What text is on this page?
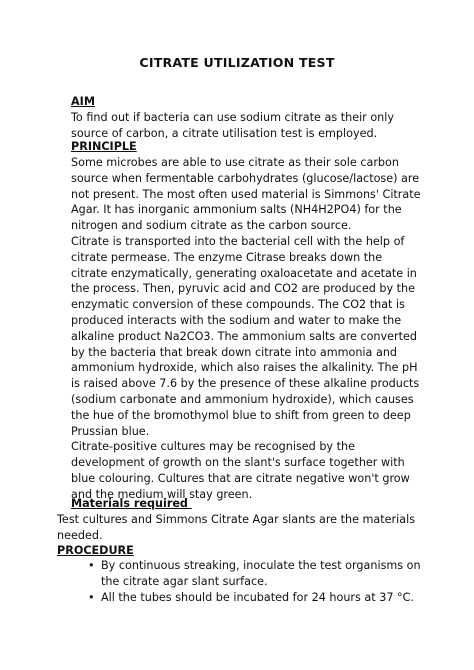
CITRATE UTILIZATION TEST
AIM

To find out if bacteria can use sodium citrate as their only source of carbon, a citrate utilisation test is employed.

PRINCIPLE

Some microbes are able to use citrate as their sole carbon source when fermentable carbohydrates (glucose/lactose) are not present. The most often used material is Simmons' Citrate Agar. It has inorganic ammonium salts (NH4H2PO4) for the nitrogen and sodium citrate as the carbon source.

Citrate is transported into the bacterial cell with the help of citrate permease. The enzyme Citrase breaks down the citrate enzymatically, generating oxaloacetate and acetate in the process. Then, pyruvic acid and CO2 are produced by the enzymatic conversion of these compounds. The CO2 that is produced interacts with the sodium and water to make the alkaline product Na2CO3. The ammonium salts are converted by the bacteria that break down citrate into ammonia and ammonium hydroxide, which also raises the alkalinity. The pH is raised above 7.6 by the presence of these alkaline products (sodium carbonate and ammonium hydroxide), which causes the hue of the bromothymol blue to shift from green to deep Prussian blue.

Citrate-positive cultures may be recognised by the development of growth on the slant's surface together with blue colouring. Cultures that are citrate negative won't grow and the medium will stay green.

Materials required

Test cultures and Simmons Citrate Agar slants are the materials needed.

PROCEDURE
• By continuous streaking, inoculate the test organisms on the citrate agar slant surface.
• All the tubes should be incubated for 24 hours at 37 °C.
